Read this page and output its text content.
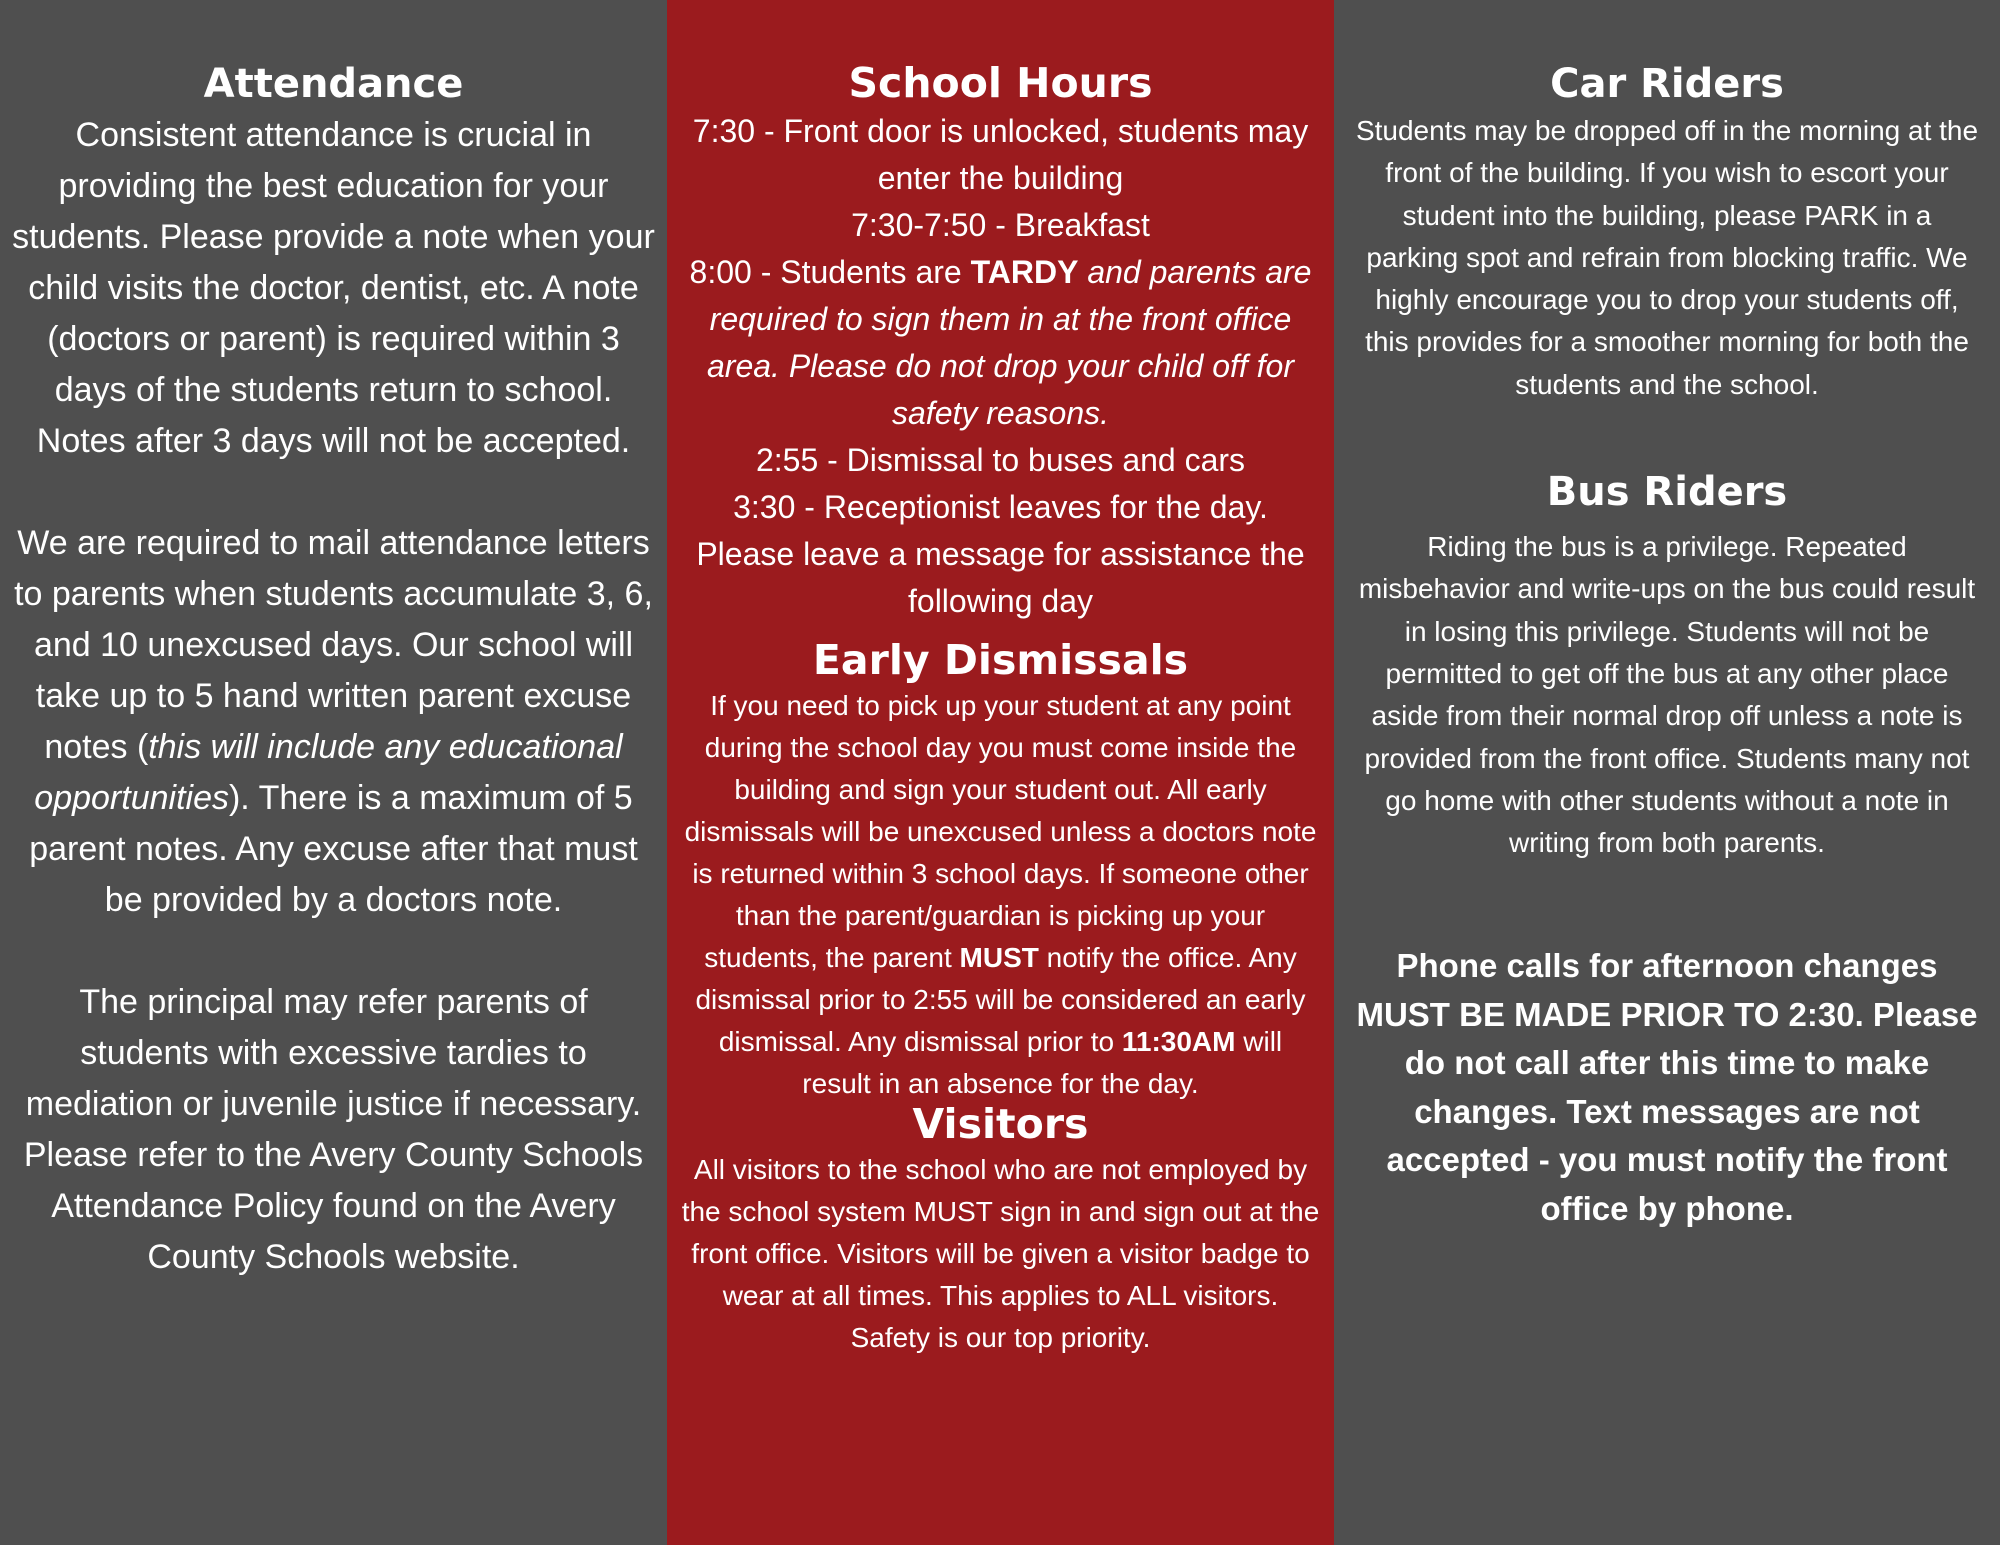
Attendance

Consistent attendance is crucial in providing the best education for your students. Please provide a note when your child visits the doctor, dentist, etc. A note (doctors or parent) is required within 3 days of the students return to school. Notes after 3 days will not be accepted.

We are required to mail attendance letters to parents when students accumulate 3, 6, and 10 unexcused days. Our school will take up to 5 hand written parent excuse notes (this will include any educational opportunities). There is a maximum of 5 parent notes. Any excuse after that must be provided by a doctors note.

The principal may refer parents of students with excessive tardies to mediation or juvenile justice if necessary. Please refer to the Avery County Schools Attendance Policy found on the Avery County Schools website.

School Hours

7:30 - Front door is unlocked, students may enter the building

7:30-7:50 - Breakfast

8:00 - Students are TARDY and parents are required to sign them in at the front office area. Please do not drop your child off for safety reasons.

2:55 - Dismissal to buses and cars

3:30 - Receptionist leaves for the day. Please leave a message for assistance the following day

Early Dismissals

If you need to pick up your student at any point during the school day you must come inside the building and sign your student out. All early dismissals will be unexcused unless a doctors note is returned within 3 school days. If someone other than the parent/guardian is picking up your students, the parent MUST notify the office. Any dismissal prior to 2:55 will be considered an early dismissal. Any dismissal prior to 11:30AM will result in an absence for the day.

Visitors

All visitors to the school who are not employed by the school system MUST sign in and sign out at the front office. Visitors will be given a visitor badge to wear at all times. This applies to ALL visitors. Safety is our top priority.

Car Riders

Students may be dropped off in the morning at the front of the building. If you wish to escort your student into the building, please PARK in a parking spot and refrain from blocking traffic. We highly encourage you to drop your students off, this provides for a smoother morning for both the students and the school.

Bus Riders

Riding the bus is a privilege. Repeated misbehavior and write-ups on the bus could result in losing this privilege. Students will not be permitted to get off the bus at any other place aside from their normal drop off unless a note is provided from the front office. Students many not go home with other students without a note in writing from both parents.

Phone calls for afternoon changes MUST BE MADE PRIOR TO 2:30. Please do not call after this time to make changes. Text messages are not accepted - you must notify the front office by phone.
